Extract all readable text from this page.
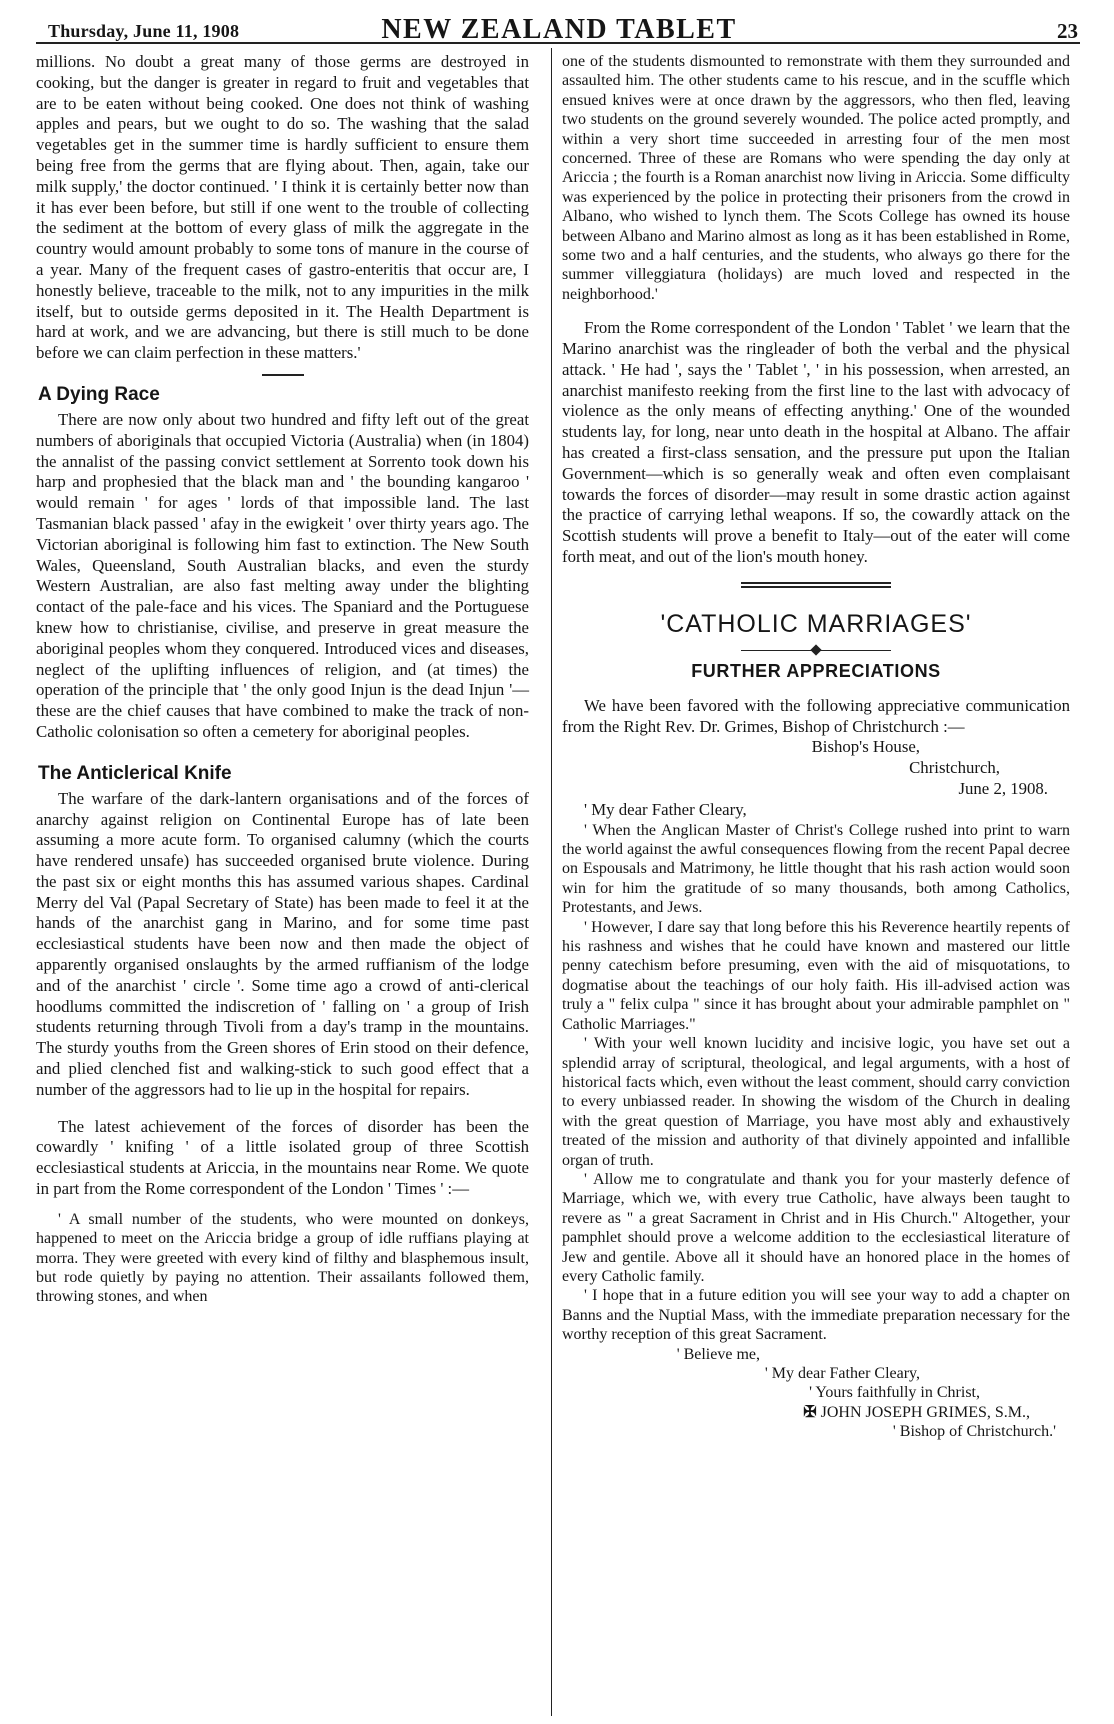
Thursday, June 11, 1908	NEW ZEALAND TABLET	23

millions. No doubt a great many of those germs are destroyed in cooking, but the danger is greater in regard to fruit and vegetables that are to be eaten without being cooked. One does not think of washing apples and pears, but we ought to do so. The washing that the salad vegetables get in the summer time is hardly sufficient to ensure them being free from the germs that are flying about. Then, again, take our milk supply,' the doctor continued. ' I think it is certainly better now than it has ever been before, but still if one went to the trouble of collecting the sediment at the bottom of every glass of milk the aggregate in the country would amount probably to some tons of manure in the course of a year. Many of the frequent cases of gastro-enteritis that occur are, I honestly believe, traceable to the milk, not to any impurities in the milk itself, but to outside germs deposited in it. The Health Department is hard at work, and we are advancing, but there is still much to be done before we can claim perfection in these matters.'

A Dying Race

There are now only about two hundred and fifty left out of the great numbers of aboriginals that occupied Victoria (Australia) when (in 1804) the annalist of the passing convict settlement at Sorrento took down his harp and prophesied that the black man and ' the bounding kangaroo ' would remain ' for ages ' lords of that impossible land. The last Tasmanian black passed ' afay in the ewigkeit ' over thirty years ago. The Victorian aboriginal is following him fast to extinction. The New South Wales, Queensland, South Australian blacks, and even the sturdy Western Australian, are also fast melting away under the blighting contact of the pale-face and his vices. The Spaniard and the Portuguese knew how to christianise, civilise, and preserve in great measure the aboriginal peoples whom they conquered. Introduced vices and diseases, neglect of the uplifting influences of religion, and (at times) the operation of the principle that ' the only good Injun is the dead Injun '—these are the chief causes that have combined to make the track of non-Catholic colonisation so often a cemetery for aboriginal peoples.

The Anticlerical Knife

The warfare of the dark-lantern organisations and of the forces of anarchy against religion on Continental Europe has of late been assuming a more acute form. To organised calumny (which the courts have rendered unsafe) has succeeded organised brute violence. During the past six or eight months this has assumed various shapes. Cardinal Merry del Val (Papal Secretary of State) has been made to feel it at the hands of the anarchist gang in Marino, and for some time past ecclesiastical students have been now and then made the object of apparently organised onslaughts by the armed ruffianism of the lodge and of the anarchist ' circle '. Some time ago a crowd of anti-clerical hoodlums committed the indiscretion of ' falling on ' a group of Irish students returning through Tivoli from a day's tramp in the mountains. The sturdy youths from the Green shores of Erin stood on their defence, and plied clenched fist and walking-stick to such good effect that a number of the aggressors had to lie up in the hospital for repairs.

The latest achievement of the forces of disorder has been the cowardly ' knifing ' of a little isolated group of three Scottish ecclesiastical students at Ariccia, in the mountains near Rome. We quote in part from the Rome correspondent of the London ' Times ' :—

' A small number of the students, who were mounted on donkeys, happened to meet on the Ariccia bridge a group of idle ruffians playing at morra. They were greeted with every kind of filthy and blasphemous insult, but rode quietly by paying no attention. Their assailants followed them, throwing stones, and when

one of the students dismounted to remonstrate with them they surrounded and assaulted him. The other students came to his rescue, and in the scuffle which ensued knives were at once drawn by the aggressors, who then fled, leaving two students on the ground severely wounded. The police acted promptly, and within a very short time succeeded in arresting four of the men most concerned. Three of these are Romans who were spending the day only at Ariccia ; the fourth is a Roman anarchist now living in Ariccia. Some difficulty was experienced by the police in protecting their prisoners from the crowd in Albano, who wished to lynch them. The Scots College has owned its house between Albano and Marino almost as long as it has been established in Rome, some two and a half centuries, and the students, who always go there for the summer villeggiatura (holidays) are much loved and respected in the neighborhood.'

From the Rome correspondent of the London ' Tablet ' we learn that the Marino anarchist was the ringleader of both the verbal and the physical attack. ' He had ', says the ' Tablet ', ' in his possession, when arrested, an anarchist manifesto reeking from the first line to the last with advocacy of violence as the only means of effecting anything.' One of the wounded students lay, for long, near unto death in the hospital at Albano. The affair has created a first-class sensation, and the pressure put upon the Italian Government—which is so generally weak and often even complaisant towards the forces of disorder—may result in some drastic action against the practice of carrying lethal weapons. If so, the cowardly attack on the Scottish students will prove a benefit to Italy—out of the eater will come forth meat, and out of the lion's mouth honey.

'CATHOLIC MARRIAGES'
FURTHER APPRECIATIONS

We have been favored with the following appreciative communication from the Right Rev. Dr. Grimes, Bishop of Christchurch :—

Bishop's House,

Christchurch,

June 2, 1908.

' My dear Father Cleary,

' When the Anglican Master of Christ's College rushed into print to warn the world against the awful consequences flowing from the recent Papal decree on Espousals and Matrimony, he little thought that his rash action would soon win for him the gratitude of so many thousands, both among Catholics, Protestants, and Jews.

' However, I dare say that long before this his Reverence heartily repents of his rashness and wishes that he could have known and mastered our little penny catechism before presuming, even with the aid of misquotations, to dogmatise about the teachings of our holy faith. His ill-advised action was truly a " felix culpa " since it has brought about your admirable pamphlet on " Catholic Marriages."

' With your well known lucidity and incisive logic, you have set out a splendid array of scriptural, theological, and legal arguments, with a host of historical facts which, even without the least comment, should carry conviction to every unbiassed reader. In showing the wisdom of the Church in dealing with the great question of Marriage, you have most ably and exhaustively treated of the mission and authority of that divinely appointed and infallible organ of truth.

' Allow me to congratulate and thank you for your masterly defence of Marriage, which we, with every true Catholic, have always been taught to revere as " a great Sacrament in Christ and in His Church." Altogether, your pamphlet should prove a welcome addition to the ecclesiastical literature of Jew and gentile. Above all it should have an honored place in the homes of every Catholic family.

' I hope that in a future edition you will see your way to add a chapter on Banns and the Nuptial Mass, with the immediate preparation necessary for the worthy reception of this great Sacrament.

' Believe me,
' My dear Father Cleary,
' Yours faithfully in Christ,
✠ JOHN JOSEPH GRIMES, S.M.,
' Bishop of Christchurch.'
